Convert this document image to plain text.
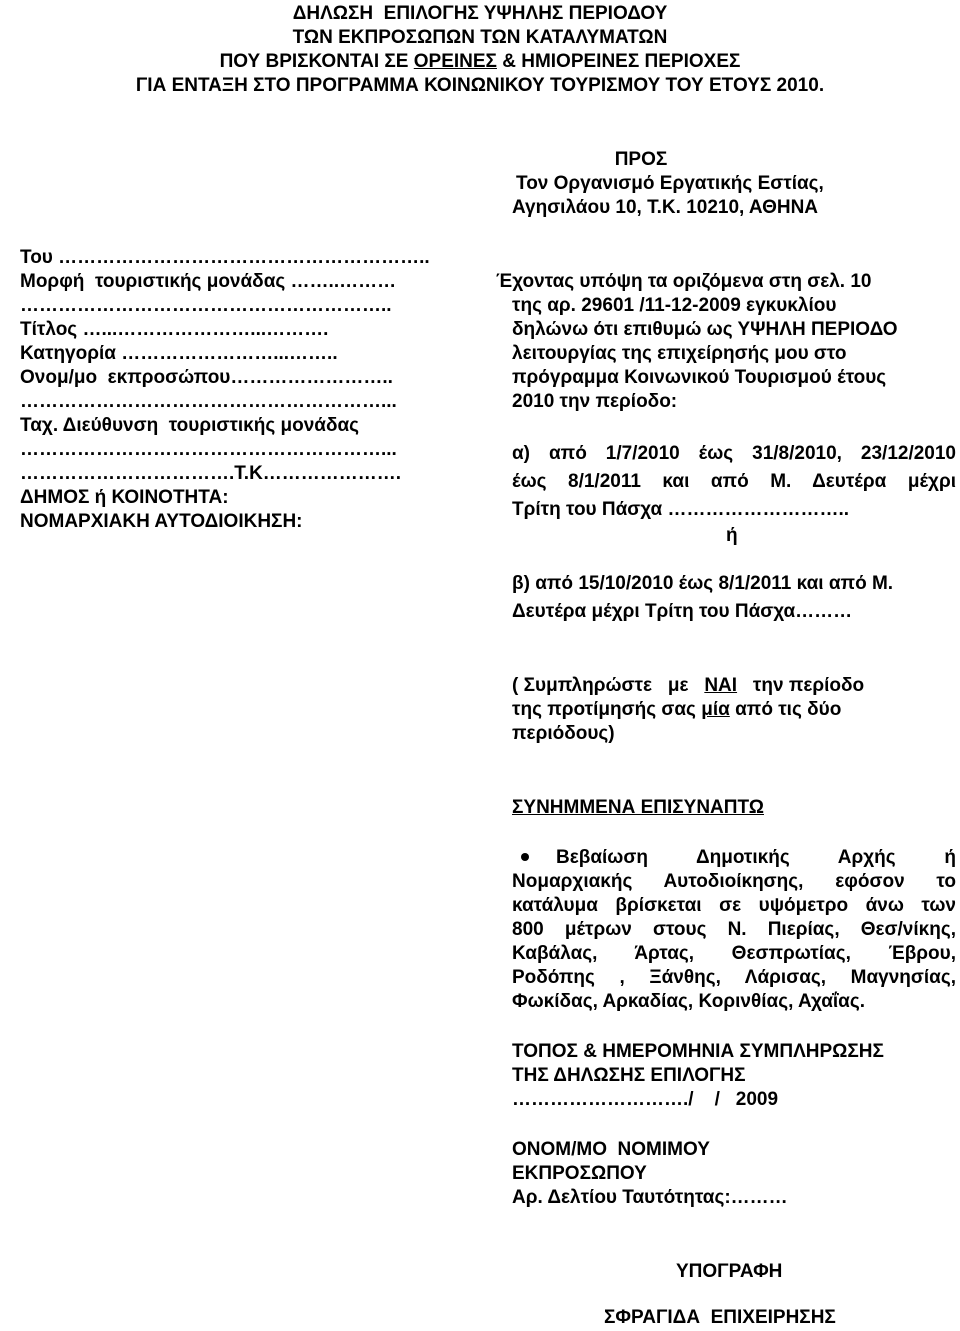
ΔΗΛΩΣΗ  ΕΠΙΛΟΓΗΣ ΥΨΗΛΗΣ ΠΕΡΙΟΔΟΥ
ΤΩΝ ΕΚΠΡΟΣΩΠΩΝ ΤΩΝ ΚΑΤΑΛΥΜΑΤΩΝ
ΠΟΥ ΒΡΙΣΚΟΝΤΑΙ ΣΕ ΟΡΕΙΝΕΣ & ΗΜΙΟΡΕΙΝΕΣ ΠΕΡΙΟΧΕΣ
ΓΙΑ ΕΝΤΑΞΗ ΣΤΟ ΠΡΟΓΡΑΜΜΑ ΚΟΙΝΩΝΙΚΟΥ ΤΟΥΡΙΣΜΟΥ ΤΟΥ ΕΤΟΥΣ 2010.
ΠΡΟΣ
Τον Οργανισμό Εργατικής Εστίας,
Αγησιλάου 10, Τ.Κ. 10210, ΑΘΗΝΑ
Του …………………………………………………..
Μορφή  τουριστικής μονάδας ……..………
…………………………………………………..
Τίτλος …...…………………...……….
Κατηγορία ……………………...……..
Ονομ/μο  εκπροσώπου……………………..
…………………………………………………...
Ταχ. Διεύθυνση  τουριστικής μονάδας
…………………………………………………...
…………………………….Τ.Κ………………….
ΔΗΜΟΣ ή ΚΟΙΝΟΤΗΤΑ:
ΝΟΜΑΡΧΙΑΚΗ ΑΥΤΟΔΙΟΙΚΗΣΗ:
Έχοντας υπόψη τα οριζόμενα στη σελ. 10
της αρ. 29601 /11-12-2009 εγκυκλίου
δηλώνω ότι επιθυμώ ως ΥΨΗΛΗ ΠΕΡΙΟΔΟ
λειτουργίας της επιχείρησής μου στο
πρόγραμμα Κοινωνικού Τουρισμού έτους
2010 την περίοδο:
α) από 1/7/2010 έως 31/8/2010, 23/12/2010
έως 8/1/2011 και από Μ. Δευτέρα μέχρι
Τρίτη του Πάσχα ………………………..
ή
β) από 15/10/2010 έως 8/1/2011 και από Μ.
Δευτέρα μέχρι Τρίτη του Πάσχα………
( Συμπληρώστε   με   ΝΑΙ   την περίοδο
της προτίμησής σας μία από τις δύο
περιόδους)
ΣΥΝΗΜΜΕΝΑ ΕΠΙΣΥΝΑΠΤΩ
Βεβαίωση Δημοτικής Αρχής ή
Νομαρχιακής Αυτοδιοίκησης, εφόσον το
κατάλυμα βρίσκεται σε υψόμετρο άνω των
800 μέτρων στους Ν. Πιερίας, Θεσ/νίκης,
Καβάλας, Άρτας, Θεσπρωτίας, Έβρου,
Ροδόπης , Ξάνθης, Λάρισας, Μαγνησίας,
Φωκίδας, Αρκαδίας, Κορινθίας, Αχαΐας.
ΤΟΠΟΣ & ΗΜΕΡΟΜΗΝΙΑ ΣΥΜΠΛΗΡΩΣΗΣ
ΤΗΣ ΔΗΛΩΣΗΣ ΕΠΙΛΟΓΗΣ
………………………./    /   2009
ΟΝΟΜ/ΜΟ  ΝΟΜΙΜΟΥ
ΕΚΠΡΟΣΩΠΟΥ
Αρ. Δελτίου Ταυτότητας:………
ΥΠΟΓΡΑΦΗ
ΣΦΡΑΓΙΔΑ  ΕΠΙΧΕΙΡΗΣΗΣ
